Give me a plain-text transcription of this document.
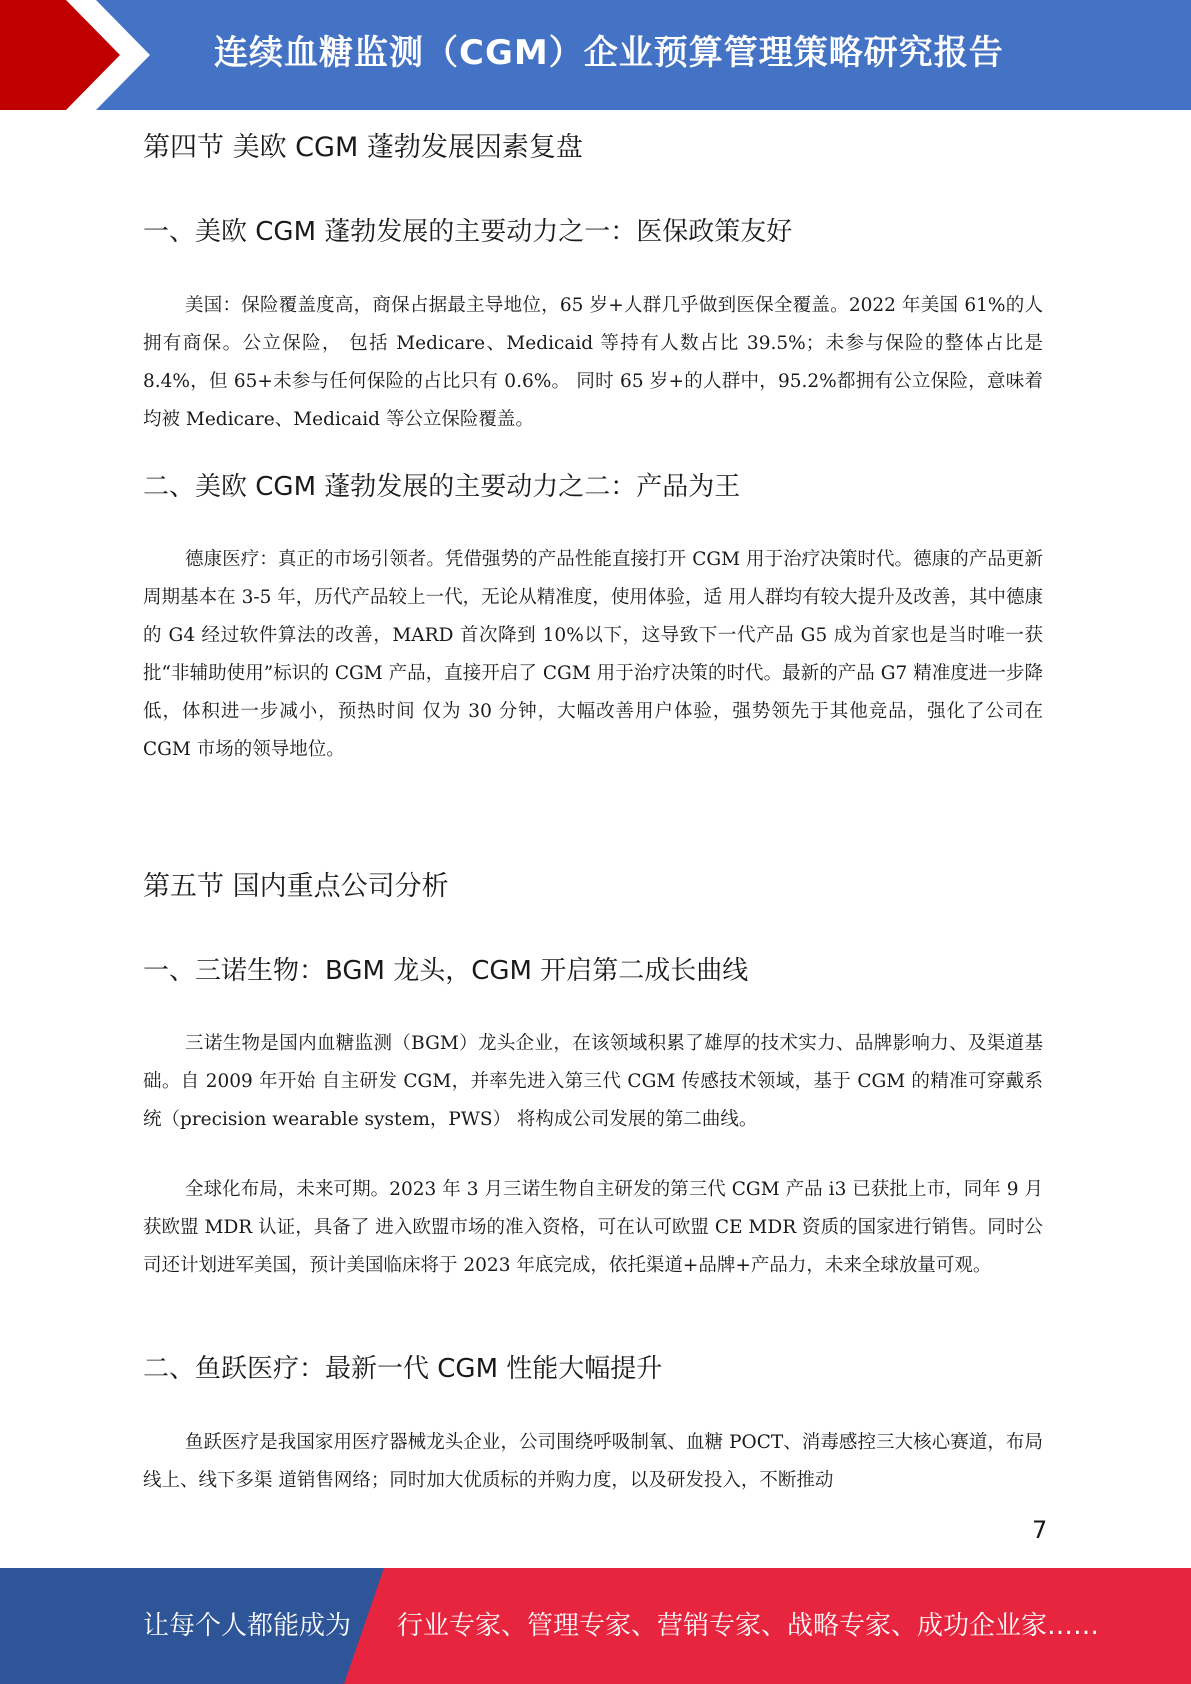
连续血糖监测（CGM）企业预算管理策略研究报告
第四节 美欧 CGM 蓬勃发展因素复盘
一、美欧 CGM 蓬勃发展的主要动力之一：医保政策友好

美国：保险覆盖度高，商保占据最主导地位，65 岁+人群几乎做到医保全覆盖。2022 年美国 61%的人拥有商保。公立保险， 包括 Medicare、Medicaid 等持有人数占比 39.5%；未参与保险的整体占比是 8.4%，但 65+未参与任何保险的占比只有 0.6%。 同时 65 岁+的人群中，95.2%都拥有公立保险，意味着均被 Medicare、Medicaid 等公立保险覆盖。

二、美欧 CGM 蓬勃发展的主要动力之二：产品为王

德康医疗：真正的市场引领者。凭借强势的产品性能直接打开 CGM 用于治疗决策时代。德康的产品更新周期基本在 3-5 年，历代产品较上一代，无论从精准度，使用体验，适 用人群均有较大提升及改善，其中德康的 G4 经过软件算法的改善，MARD 首次降到 10%以下，这导致下一代产品 G5 成为首家也是当时唯一获 批“非辅助使用”标识的 CGM 产品，直接开启了 CGM 用于治疗决策的时代。最新的产品 G7 精准度进一步降低，体积进一步减小，预热时间 仅为 30 分钟，大幅改善用户体验，强势领先于其他竞品，强化了公司在 CGM 市场的领导地位。

第五节 国内重点公司分析
一、三诺生物：BGM 龙头，CGM 开启第二成长曲线

三诺生物是国内血糖监测（BGM）龙头企业，在该领域积累了雄厚的技术实力、品牌影响力、及渠道基础。自 2009 年开始 自主研发 CGM，并率先进入第三代 CGM 传感技术领域，基于 CGM 的精准可穿戴系统（precision wearable system，PWS） 将构成公司发展的第二曲线。

全球化布局，未来可期。2023 年 3 月三诺生物自主研发的第三代 CGM 产品 i3 已获批上市，同年 9 月获欧盟 MDR 认证，具备了 进入欧盟市场的准入资格，可在认可欧盟 CE MDR 资质的国家进行销售。同时公司还计划进军美国，预计美国临床将于 2023 年底完成，依托渠道+品牌+产品力，未来全球放量可观。

二、鱼跃医疗：最新一代 CGM 性能大幅提升

鱼跃医疗是我国家用医疗器械龙头企业，公司围绕呼吸制氧、血糖 POCT、消毒感控三大核心赛道，布局线上、线下多渠 道销售网络；同时加大优质标的并购力度，以及研发投入，不断推动

7
让每个人都能成为 行业专家、管理专家、营销专家、战略专家、成功企业家……
